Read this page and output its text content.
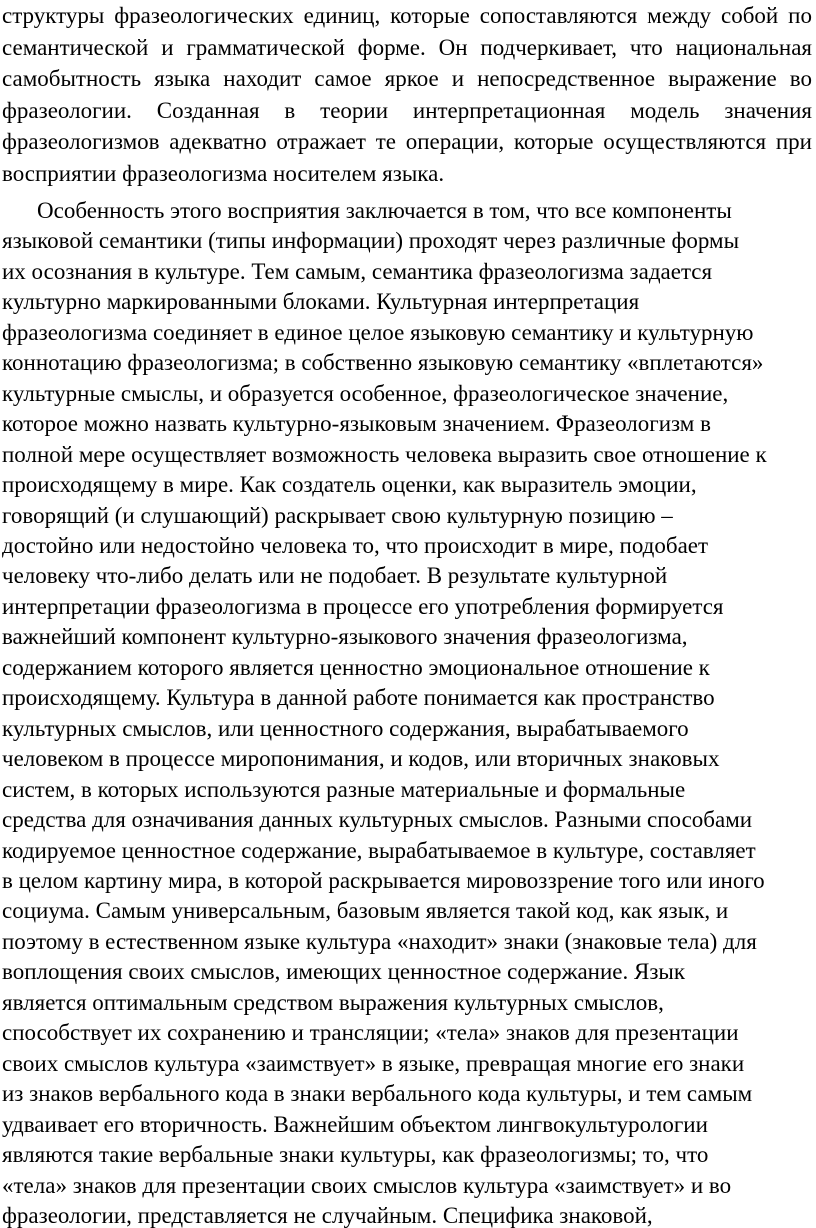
структуры фразеологических единиц, которые сопоставляются между собой по семантической и грамматической форме. Он подчеркивает, что национальная самобытность языка находит самое яркое и непосредственное выражение во фразеологии. Созданная в теории интерпретационная модель значения фразеологизмов адекватно отражает те операции, которые осуществляются при восприятии фразеологизма носителем языка.

Особенность этого восприятия заключается в том, что все компоненты
языковой семантики (типы информации) проходят через различные формы
их осознания в культуре. Тем самым, семантика фразеологизма задается
культурно маркированными блоками. Культурная интерпретация
фразеологизма соединяет в единое целое языковую семантику и культурную
коннотацию фразеологизма; в собственно языковую семантику «вплетаются»
культурные смыслы, и образуется особенное, фразеологическое значение,
которое можно назвать культурно-языковым значением. Фразеологизм в
полной мере осуществляет возможность человека выразить свое отношение к
происходящему в мире. Как создатель оценки, как выразитель эмоции,
говорящий (и слушающий) раскрывает свою культурную позицию –
достойно или недостойно человека то, что происходит в мире, подобает
человеку что-либо делать или не подобает. В результате культурной
интерпретации фразеологизма в процессе его употребления формируется
важнейший компонент культурно-языкового значения фразеологизма,
содержанием которого является ценностно эмоциональное отношение к
происходящему. Культура в данной работе понимается как пространство
культурных смыслов, или ценностного содержания, вырабатываемого
человеком в процессе миропонимания, и кодов, или вторичных знаковых
систем, в которых используются разные материальные и формальные
средства для означивания данных культурных смыслов. Разными способами
кодируемое ценностное содержание, вырабатываемое в культуре, составляет
в целом картину мира, в которой раскрывается мировоззрение того или иного
социума. Самым универсальным, базовым является такой код, как язык, и
поэтому в естественном языке культура «находит» знаки (знаковые тела) для
воплощения своих смыслов, имеющих ценностное содержание. Язык
является оптимальным средством выражения культурных смыслов,
способствует их сохранению и трансляции; «тела» знаков для презентации
своих смыслов культура «заимствует» в языке, превращая многие его знаки
из знаков вербального кода в знаки вербального кода культуры, и тем самым
удваивает его вторичность. Важнейшим объектом лингвокультурологии
являются такие вербальные знаки культуры, как фразеологизмы; то, что
«тела» знаков для презентации своих смыслов культура «заимствует» и во
фразеологии, представляется не случайным. Специфика знаковой,
